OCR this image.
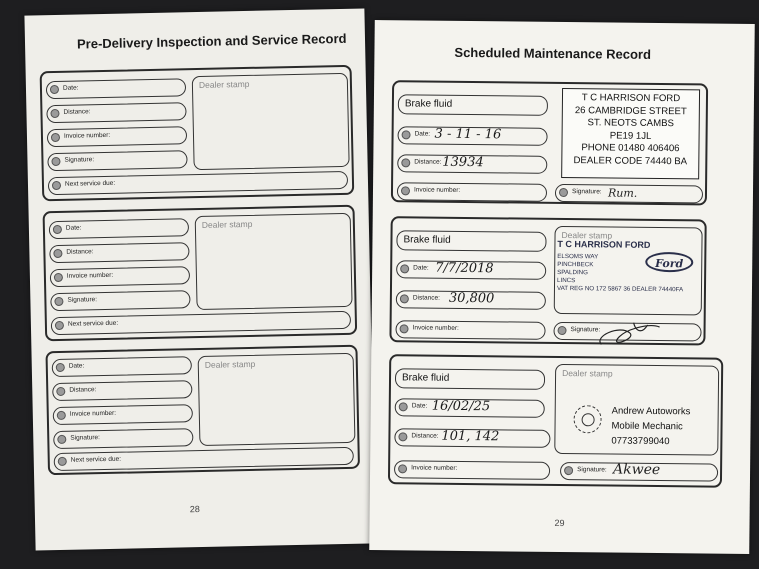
Pre-Delivery Inspection and Service Record
Date:
Distance:
Invoice number:
Signature:
Next service due:
Dealer stamp
Date:
Distance:
Invoice number:
Signature:
Next service due:
Dealer stamp
Date:
Distance:
Invoice number:
Signature:
Next service due:
Dealer stamp
28
Scheduled Maintenance Record
Brake fluid
Date: 3 - 11 - 16
Distance: 13934
Invoice number:	Signature: Rum.
T C HARRISON FORD
26 CAMBRIDGE STREET
ST. NEOTS CAMBS
PE19 1JL
PHONE 01480 406406
DEALER CODE 74440 BA
Brake fluid
Date: 7/7/2018
Distance: 30,800
Invoice number:	Signature:
Dealer stamp
T C HARRISON FORD
ELSOMS WAY
PINCHBECK
SPALDING
LINCS
VAT REG NO 172 5867 36 DEALER 74440FA
Ford
Brake fluid
Date: 16/02/25
Distance: 101, 142
Invoice number:	Signature: Akwee
Dealer stamp
Andrew Autoworks
Mobile Mechanic
07733799040
29
